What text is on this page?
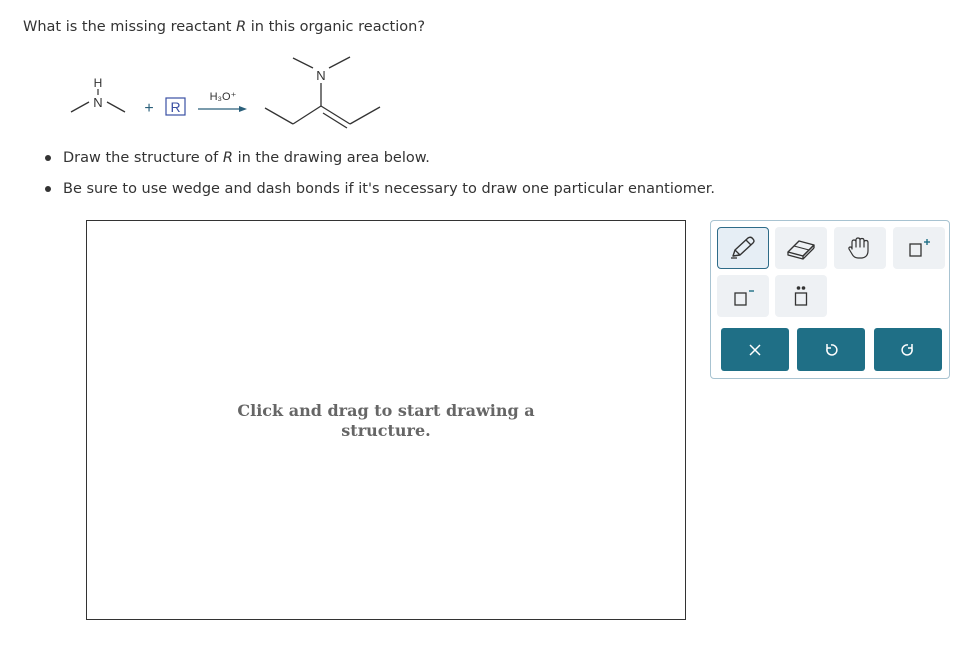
What is the missing reactant R in this organic reaction?
H
N	+ R
H₃O⁺
N
Draw the structure of R in the drawing area below.
Be sure to use wedge and dash bonds if it's necessary to draw one particular enantiomer.
Click and drag to start drawing a
structure.
